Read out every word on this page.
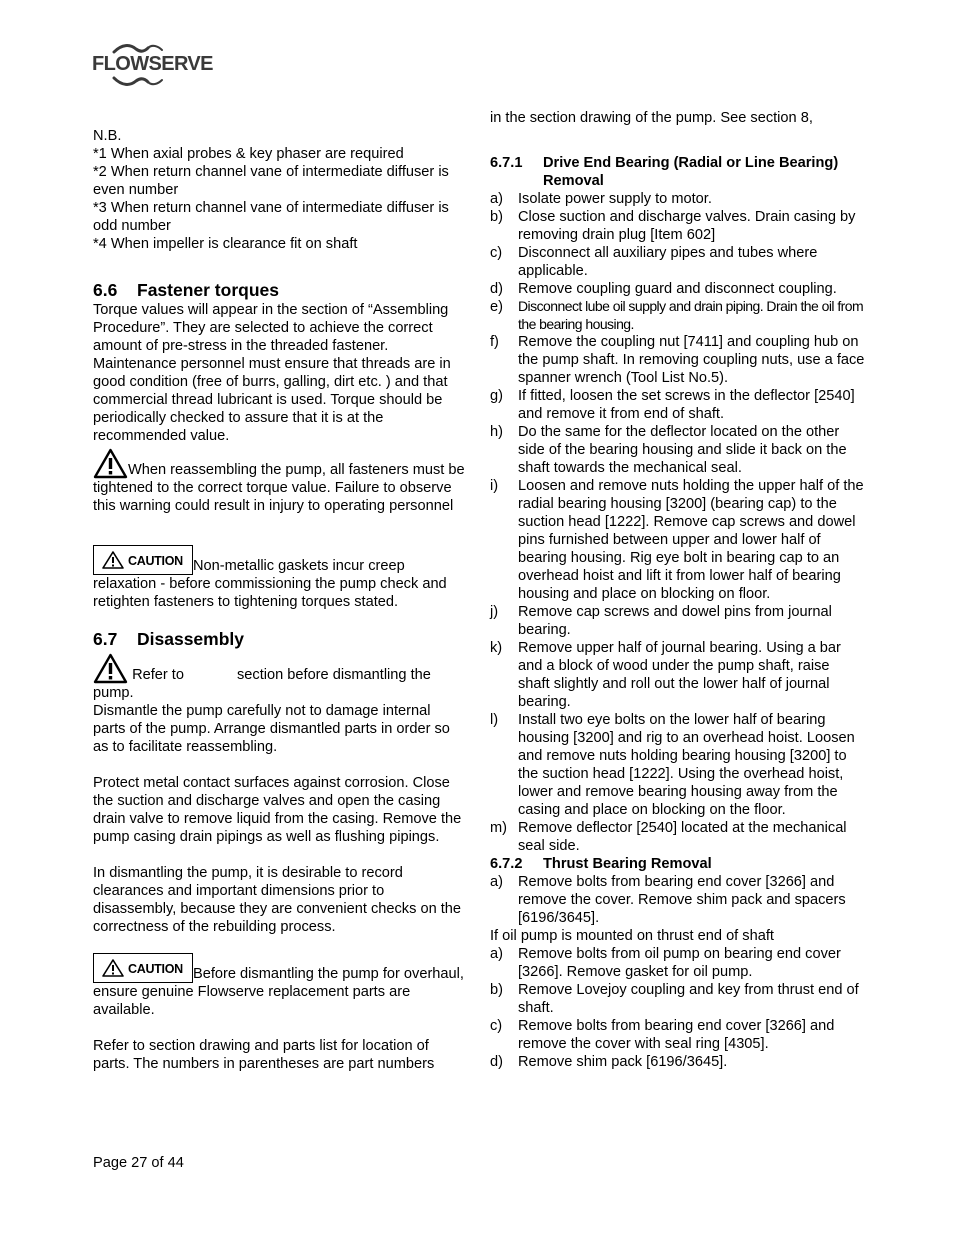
FLOWSERVE

N.B.

*1 When axial probes & key phaser are required

*2 When return channel vane of intermediate diffuser is even number

*3 When return channel vane of intermediate diffuser is odd number

*4 When impeller is clearance fit on shaft

6.6 Fastener torques

Torque values will appear in the section of “Assembling Procedure”. They are selected to achieve the correct amount of pre-stress in the threaded fastener. Maintenance personnel must ensure that threads are in good condition (free of burrs, galling, dirt etc. ) and that commercial thread lubricant is used. Torque should be periodically checked to assure that it is at the recommended value.

When reassembling the pump, all fasteners must be tightened to the correct torque value. Failure to observe this warning could result in injury to operating personnel

CAUTION Non-metallic gaskets incur creep relaxation - before commissioning the pump check and retighten fasteners to tightening torques stated.

6.7 Disassembly

Refer to	section before dismantling the pump.

Dismantle the pump carefully not to damage internal parts of the pump. Arrange dismantled parts in order so as to facilitate reassembling.

Protect metal contact surfaces against corrosion. Close the suction and discharge valves and open the casing drain valve to remove liquid from the casing. Remove the pump casing drain pipings as well as flushing pipings.

In dismantling the pump, it is desirable to record clearances and important dimensions prior to disassembly, because they are convenient checks on the correctness of the rebuilding process.

CAUTION Before dismantling the pump for overhaul, ensure genuine Flowserve replacement parts are available.

Refer to section drawing and parts list for location of parts. The numbers in parentheses are part numbers

in the section drawing of the pump. See section 8,

6.7.1 Drive End Bearing (Radial or Line Bearing)
Removal
a)	Isolate power supply to motor.
b)	Close suction and discharge valves. Drain casing by removing drain plug [Item 602]
c)	Disconnect all auxiliary pipes and tubes where applicable.
d)	Remove coupling guard and disconnect coupling.
e)	Disconnect lube oil supply and drain piping. Drain the oil from the bearing housing.
f)	Remove the coupling nut [7411] and coupling hub on the pump shaft. In removing coupling nuts, use a face spanner wrench (Tool List No.5).
g)	If fitted, loosen the set screws in the deflector [2540] and remove it from end of shaft.
h)	Do the same for the deflector located on the other side of the bearing housing and slide it back on the shaft towards the mechanical seal.
i)	Loosen and remove nuts holding the upper half of the radial bearing housing [3200] (bearing cap) to the suction head [1222]. Remove cap screws and dowel pins furnished between upper and lower half of bearing housing. Rig eye bolt in bearing cap to an overhead hoist and lift it from lower half of bearing housing and place on blocking on floor.
j)	Remove cap screws and dowel pins from journal bearing.
k)	Remove upper half of journal bearing. Using a bar and a block of wood under the pump shaft, raise shaft slightly and roll out the lower half of journal bearing.
l)	Install two eye bolts on the lower half of bearing housing [3200] and rig to an overhead hoist. Loosen and remove nuts holding bearing housing [3200] to the suction head [1222]. Using the overhead hoist, lower and remove bearing housing away from the casing and place on blocking on the floor.
m) Remove deflector [2540] located at the mechanical seal side.
6.7.2 Thrust Bearing Removal
a)	Remove bolts from bearing end cover [3266] and remove the cover. Remove shim pack and spacers [6196/3645].

If oil pump is mounted on thrust end of shaft

a)	Remove bolts from oil pump on bearing end cover [3266]. Remove gasket for oil pump.
b)	Remove Lovejoy coupling and key from thrust end of shaft.
c)	Remove bolts from bearing end cover [3266] and remove the cover with seal ring [4305].
d)	Remove shim pack [6196/3645].
Page 27 of 44
